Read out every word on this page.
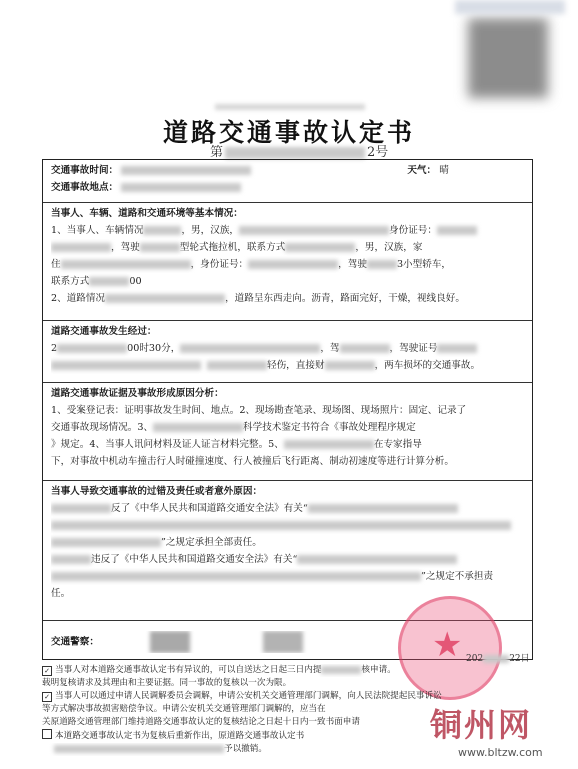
道路交通事故认定书
第	2号
交通事故时间：	天气： 晴
交通事故地点：
当事人、车辆、道路和交通环境等基本情况：
1、当事人、车辆情况	，男，汉族，	身份证号：
，驾驶	型轮式拖拉机，联系方式	，男，汉族，家
住	，身份证号：	，驾驶	3小型轿车，
联系方式	00
2、道路情况	，道路呈东西走向。沥青，路面完好，干燥，视线良好。
道路交通事故发生经过：
2	00时30分，	，驾	，驾驶证号
轻伤，直接财	，两车损坏的交通事故。
道路交通事故证据及事故形成原因分析：
1、受案登记表：证明事故发生时间、地点。2、现场勘查笔录、现场图、现场照片：固定、记录了
交通事故现场情况。3、	科学技术鉴定书符合《事故处理程序规定
》规定。4、当事人讯问材料及证人证言材料完整。5、	在专家指导
下，对事故中机动车撞击行人时碰撞速度、行人被撞后飞行距离、制动初速度等进行计算分析。
当事人导致交通事故的过错及责任或者意外原因：
反了《中华人民共和国道路交通安全法》有关“
”之规定承担全部责任。
违反了《中华人民共和国道路交通安全法》有关“
”之规定不承担责
任。
交通警察：	★ 202	22日
✓ 当事人对本道路交通事故认定书有异议的，可以自送达之日起三日内提	核申请。
载明复核请求及其理由和主要证据。同一事故的复核以一次为限。
✓ 当事人可以通过申请人民调解委员会调解，申请公安机关交通管理部门调解，向人民法院提起民事诉讼
等方式解决事故损害赔偿争议。申请公安机关交通管理部门调解的，应当在
关原道路交通管理部门维持道路交通事故认定的复核结论之日起十日内一致书面申请
本道路交通事故认定书为复核后重新作出，原道路交通事故认定书
予以撤销。
铜州网
www.bltzw.com
